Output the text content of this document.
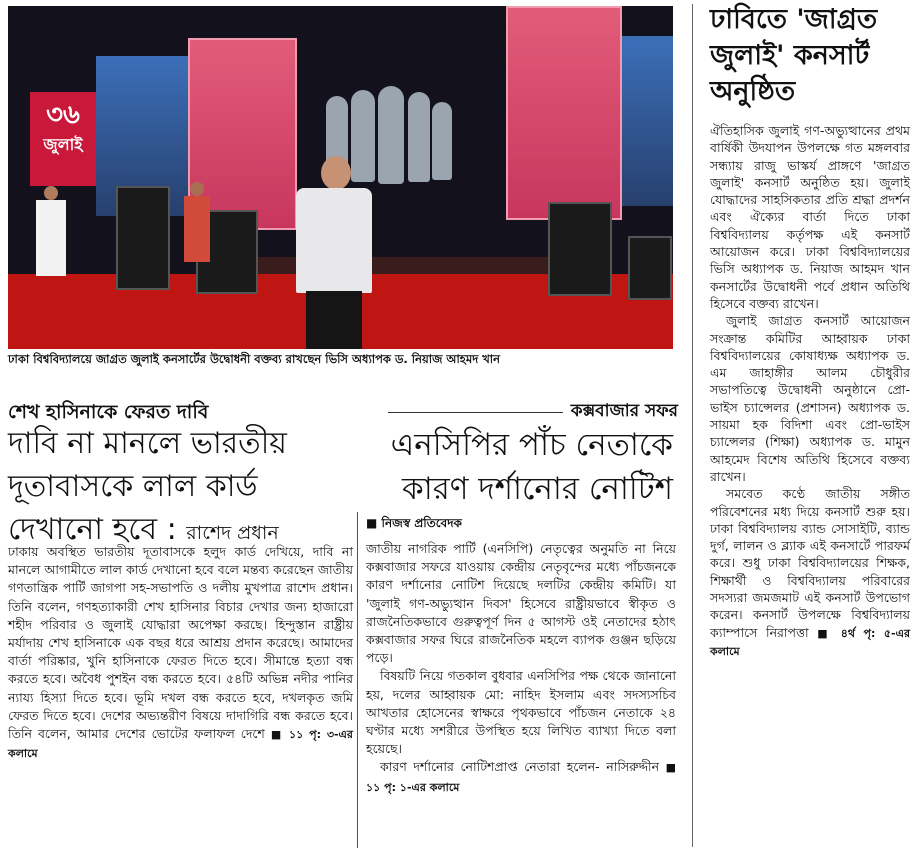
৩৬
জুলাই
ঢাকা বিশ্ববিদ্যালয়ে জাগ্রত জুলাই কনসার্টের উদ্বোধনী বক্তব্য রাখছেন ভিসি অধ্যাপক ড. নিয়াজ আহমদ খান
শেখ হাসিনাকে ফেরত দাবি
দাবি না মানলে ভারতীয় দূতাবাসকে লাল কার্ড দেখানো হবে : রাশেদ প্রধান
ঢাকায় অবস্থিত ভারতীয় দূতাবাসকে হলুদ কার্ড দেখিয়ে, দাবি না মানলে আগামীতে লাল কার্ড দেখানো হবে বলে মন্তব্য করেছেন জাতীয় গণতান্ত্রিক পার্টি জাগপা সহ-সভাপতি ও দলীয় মুখপাত্র রাশেদ প্রধান। তিনি বলেন, গণহত্যাকারী শেখ হাসিনার বিচার দেখার জন্য হাজারো শহীদ পরিবার ও জুলাই যোদ্ধারা অপেক্ষা করছে। হিন্দুস্তান রাষ্ট্রীয় মর্যাদায় শেখ হাসিনাকে এক বছর ধরে আশ্রয় প্রদান করেছে। আমাদের বার্তা পরিষ্কার, খুনি হাসিনাকে ফেরত দিতে হবে। সীমান্তে হত্যা বন্ধ করতে হবে। অবৈধ পুশইন বন্ধ করতে হবে। ৫৪টি অভিন্ন নদীর পানির ন্যায্য হিস্যা দিতে হবে। ভূমি দখল বন্ধ করতে হবে, দখলকৃত জমি ফেরত দিতে হবে। দেশের অভ্যন্তরীণ বিষয়ে দাদাগিরি বন্ধ করতে হবে। তিনি বলেন, আমার দেশের ভোটের ফলাফল দেশে ■ ১১ পৃ: ৩-এর কলামে
কক্সবাজার সফর
এনসিপির পাঁচ নেতাকে কারণ দর্শানোর নোটিশ
■ নিজস্ব প্রতিবেদক

জাতীয় নাগরিক পার্টি (এনসিপি) নেতৃত্বের অনুমতি না নিয়ে কক্সবাজার সফরে যাওয়ায় কেন্দ্রীয় নেতৃবৃন্দের মধ্যে পাঁচজনকে কারণ দর্শানোর নোটিশ দিয়েছে দলটির কেন্দ্রীয় কমিটি। যা 'জুলাই গণ-অভ্যুত্থান দিবস' হিসেবে রাষ্ট্রীয়ভাবে স্বীকৃত ও রাজনৈতিকভাবে গুরুত্বপূর্ণ দিন ৫ আগস্ট ওই নেতাদের হঠাৎ কক্সবাজার সফর ঘিরে রাজনৈতিক মহলে ব্যাপক গুঞ্জন ছড়িয়ে পড়ে।

বিষয়টি নিয়ে গতকাল বুধবার এনসিপির পক্ষ থেকে জানানো হয়, দলের আহ্বায়ক মো: নাহিদ ইসলাম এবং সদস্যসচিব আখতার হোসেনের স্বাক্ষরে পৃথকভাবে পাঁচজন নেতাকে ২৪ ঘণ্টার মধ্যে সশরীরে উপস্থিত হয়ে লিখিত ব্যাখ্যা দিতে বলা হয়েছে।

কারণ দর্শানোর নোটিশপ্রাপ্ত নেতারা হলেন- নাসিরুদ্দীন ■ ১১ পৃ: ১-এর কলামে

ঢাবিতে 'জাগ্রত জুলাই' কনসার্ট অনুষ্ঠিত

ঐতিহাসিক জুলাই গণ-অভ্যুত্থানের প্রথম বার্ষিকী উদযাপন উপলক্ষে গত মঙ্গলবার সন্ধ্যায় রাজু ভাস্কর্য প্রাঙ্গণে 'জাগ্রত জুলাই' কনসার্ট অনুষ্ঠিত হয়। জুলাই যোদ্ধাদের সাহসিকতার প্রতি শ্রদ্ধা প্রদর্শন এবং ঐক্যের বার্তা দিতে ঢাকা বিশ্ববিদ্যালয় কর্তৃপক্ষ এই কনসার্ট আয়োজন করে। ঢাকা বিশ্ববিদ্যালয়ের ভিসি অধ্যাপক ড. নিয়াজ আহমদ খান কনসার্টের উদ্বোধনী পর্বে প্রধান অতিথি হিসেবে বক্তব্য রাখেন।

জুলাই জাগ্রত কনসার্ট আয়োজন সংক্রান্ত কমিটির আহ্বায়ক ঢাকা বিশ্ববিদ্যালয়ের কোষাধ্যক্ষ অধ্যাপক ড. এম জাহাঙ্গীর আলম চৌধুরীর সভাপতিত্বে উদ্বোধনী অনুষ্ঠানে প্রো-ভাইস চ্যান্সেলর (প্রশাসন) অধ্যাপক ড. সায়মা হক বিদিশা এবং প্রো-ভাইস চ্যান্সেলর (শিক্ষা) অধ্যাপক ড. মামুন আহমেদ বিশেষ অতিথি হিসেবে বক্তব্য রাখেন।

সমবেত কণ্ঠে জাতীয় সঙ্গীত পরিবেশনের মধ্য দিয়ে কনসার্ট শুরু হয়। ঢাকা বিশ্ববিদ্যালয় ব্যান্ড সোসাইটি, ব্যান্ড দুর্গ, লালন ও ব্ল্যাক এই কনসার্টে পারফর্ম করে। শুধু ঢাকা বিশ্ববিদ্যালয়ের শিক্ষক, শিক্ষার্থী ও বিশ্ববিদ্যালয় পরিবারের সদস্যরা জমজমাট এই কনসার্ট উপভোগ করেন। কনসার্ট উপলক্ষে বিশ্ববিদ্যালয় ক্যাম্পাসে নিরাপত্তা ■ ৪র্থ পৃ: ৫-এর কলামে
